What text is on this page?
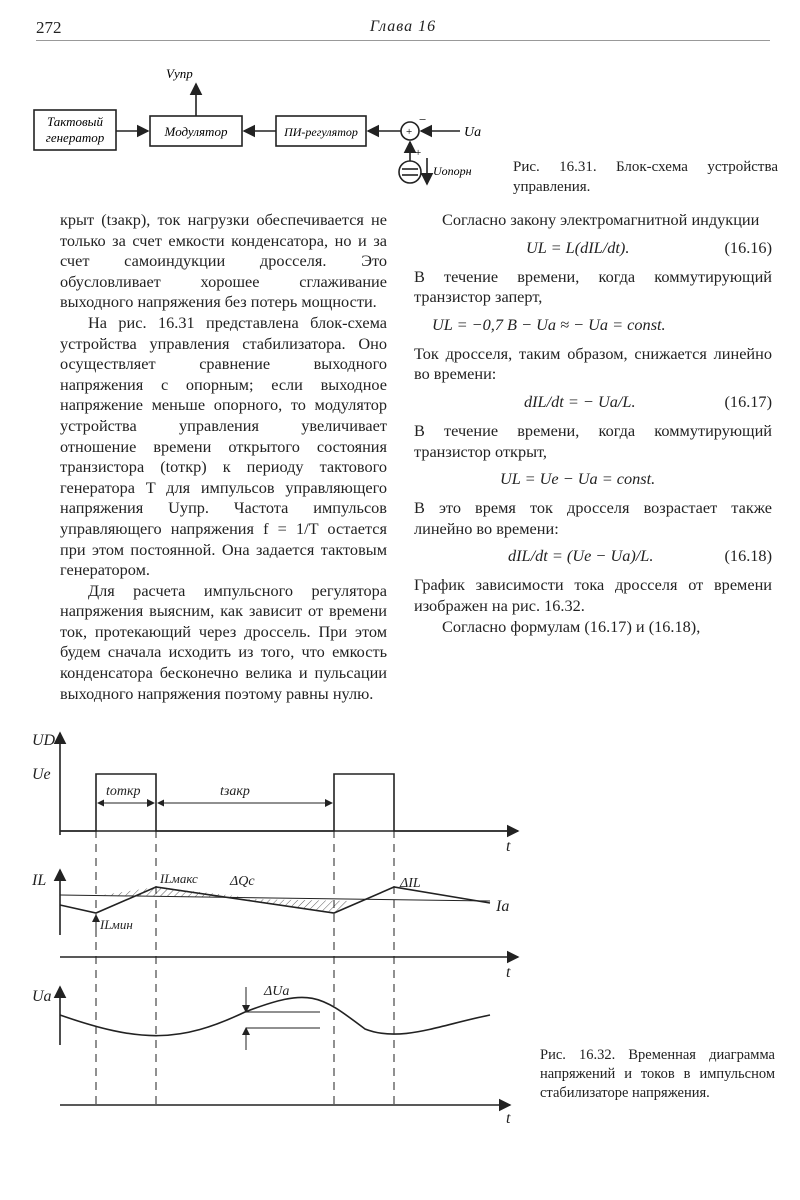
272	Глава 16
Тактовый
генератор	Модулятор	ПИ-регулятор
Vупр
Uа
Uопорн
+
−
+
Рис. 16.31. Блок-схема устройства управления.

крыт (tзакр), ток нагрузки обеспечивается не только за счет емкости конденсатора, но и за счет самоиндукции дросселя. Это обусловливает хорошее сглаживание выходного напряжения без потерь мощности.

На рис. 16.31 представлена блок-схема устройства управления стабилизатора. Оно осуществляет сравнение выходного напряжения с опорным; если выходное напряжение меньше опорного, то модулятор устройства управления увеличивает отношение времени открытого состояния транзистора (tоткр) к периоду тактового генератора T для импульсов управляющего напряжения Uупр. Частота импульсов управляющего напряжения f = 1/T остается при этом постоянной. Она задается тактовым генератором.

Для расчета импульсного регулятора напряжения выясним, как зависит от времени ток, протекающий через дроссель. При этом будем сначала исходить из того, что емкость конденсатора бесконечно велика и пульсации выходного напряжения поэтому равны нулю.

Согласно закону электромагнитной индукции

UL = L(dIL/dt).	(16.16)

В течение времени, когда коммутирующий транзистор заперт,

UL = −0,7 В − Ua ≈ − Ua = const.

Ток дросселя, таким образом, снижается линейно во времени:

dIL/dt = − Ua/L.	(16.17)

В течение времени, когда коммутирующий транзистор открыт,

UL = Ue − Ua = const.

В это время ток дросселя возрастает также линейно во времени:

dIL/dt = (Ue − Ua)/L.	(16.18)

График зависимости тока дросселя от времени изображен на рис. 16.32.

Согласно формулам (16.17) и (16.18),

UD
Ue
tоткр	tзакр
t
IL	ILмакс ΔQc	ΔIL
Ia
ILмин
t
Ua	ΔUa
t
Рис. 16.32. Временная диаграмма напряжений и токов в импульсном стабилизаторе напряжения.
